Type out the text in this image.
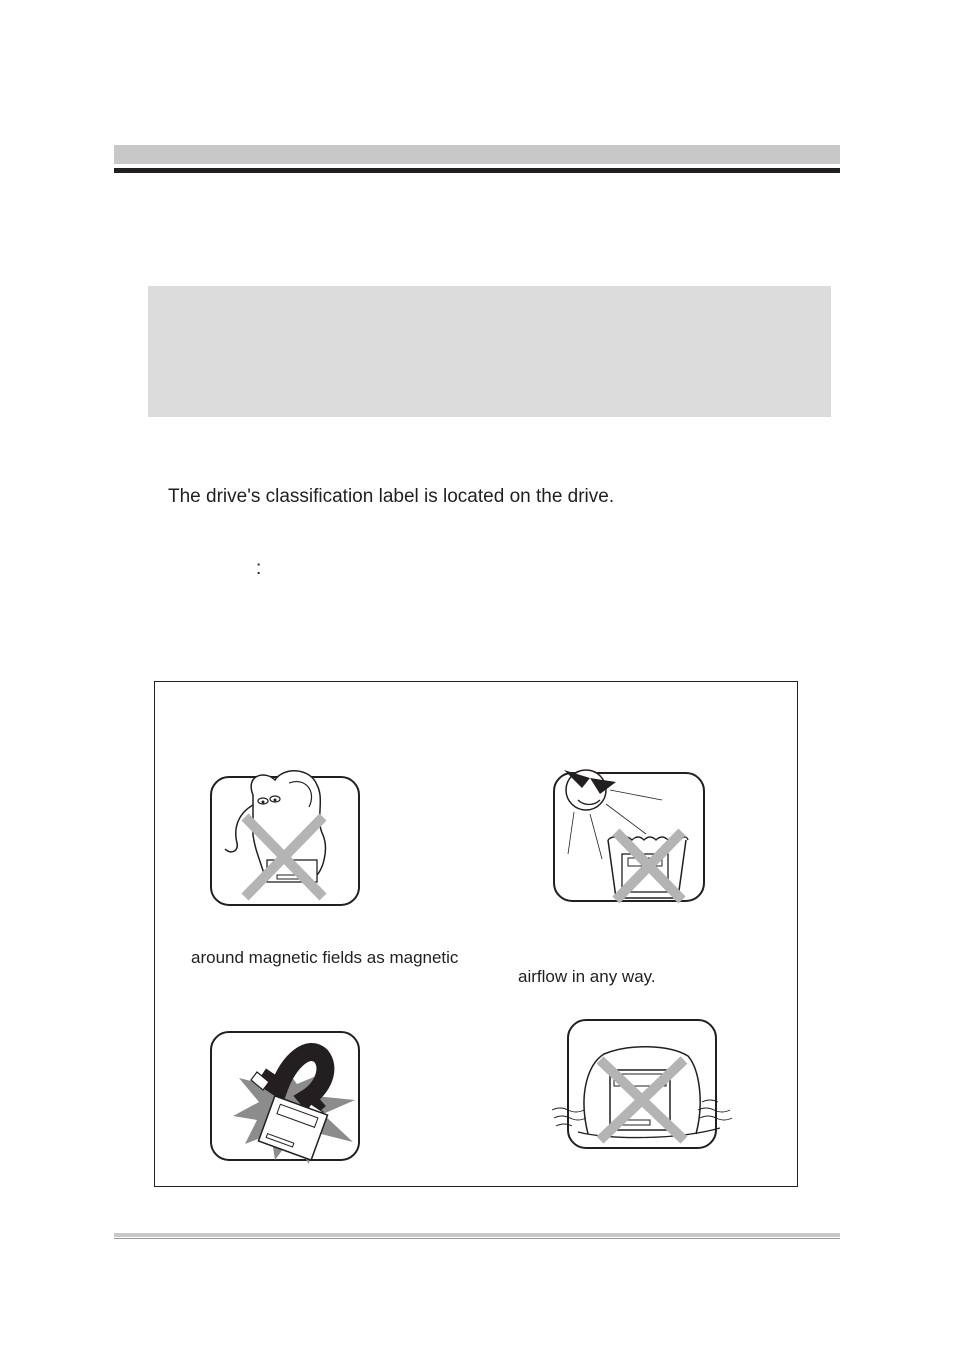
The drive's classification label is located on the drive.
:
around magnetic fields as magnetic
airflow in any way.
